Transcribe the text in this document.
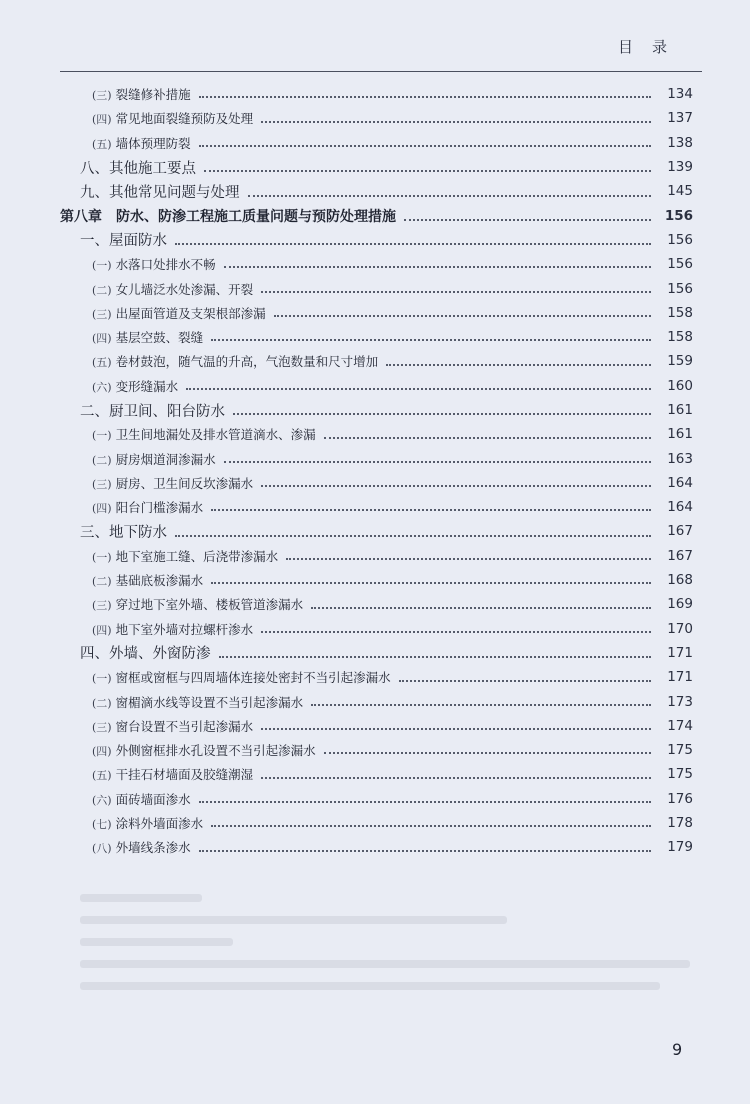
目　录
(三) 裂缝修补措施	134
(四) 常见地面裂缝预防及处理	137
(五) 墙体预理防裂	138
八、其他施工要点	139
九、其他常见问题与处理	145
第八章　防水、防渗工程施工质量问题与预防处理措施	156
一、屋面防水	156
(一) 水落口处排水不畅	156
(二) 女儿墙泛水处渗漏、开裂	156
(三) 出屋面管道及支架根部渗漏	158
(四) 基层空鼓、裂缝	158
(五) 卷材鼓泡，随气温的升高，气泡数量和尺寸增加	159
(六) 变形缝漏水	160
二、厨卫间、阳台防水	161
(一) 卫生间地漏处及排水管道滴水、渗漏	161
(二) 厨房烟道洞渗漏水	163
(三) 厨房、卫生间反坎渗漏水	164
(四) 阳台门槛渗漏水	164
三、地下防水	167
(一) 地下室施工缝、后浇带渗漏水	167
(二) 基础底板渗漏水	168
(三) 穿过地下室外墙、楼板管道渗漏水	169
(四) 地下室外墙对拉螺杆渗水	170
四、外墙、外窗防渗	171
(一) 窗框或窗框与四周墙体连接处密封不当引起渗漏水	171
(二) 窗楣滴水线等设置不当引起渗漏水	173
(三) 窗台设置不当引起渗漏水	174
(四) 外侧窗框排水孔设置不当引起渗漏水	175
(五) 干挂石材墙面及胶缝潮湿	175
(六) 面砖墙面渗水	176
(七) 涂料外墙面渗水	178
(八) 外墙线条渗水	179
9
